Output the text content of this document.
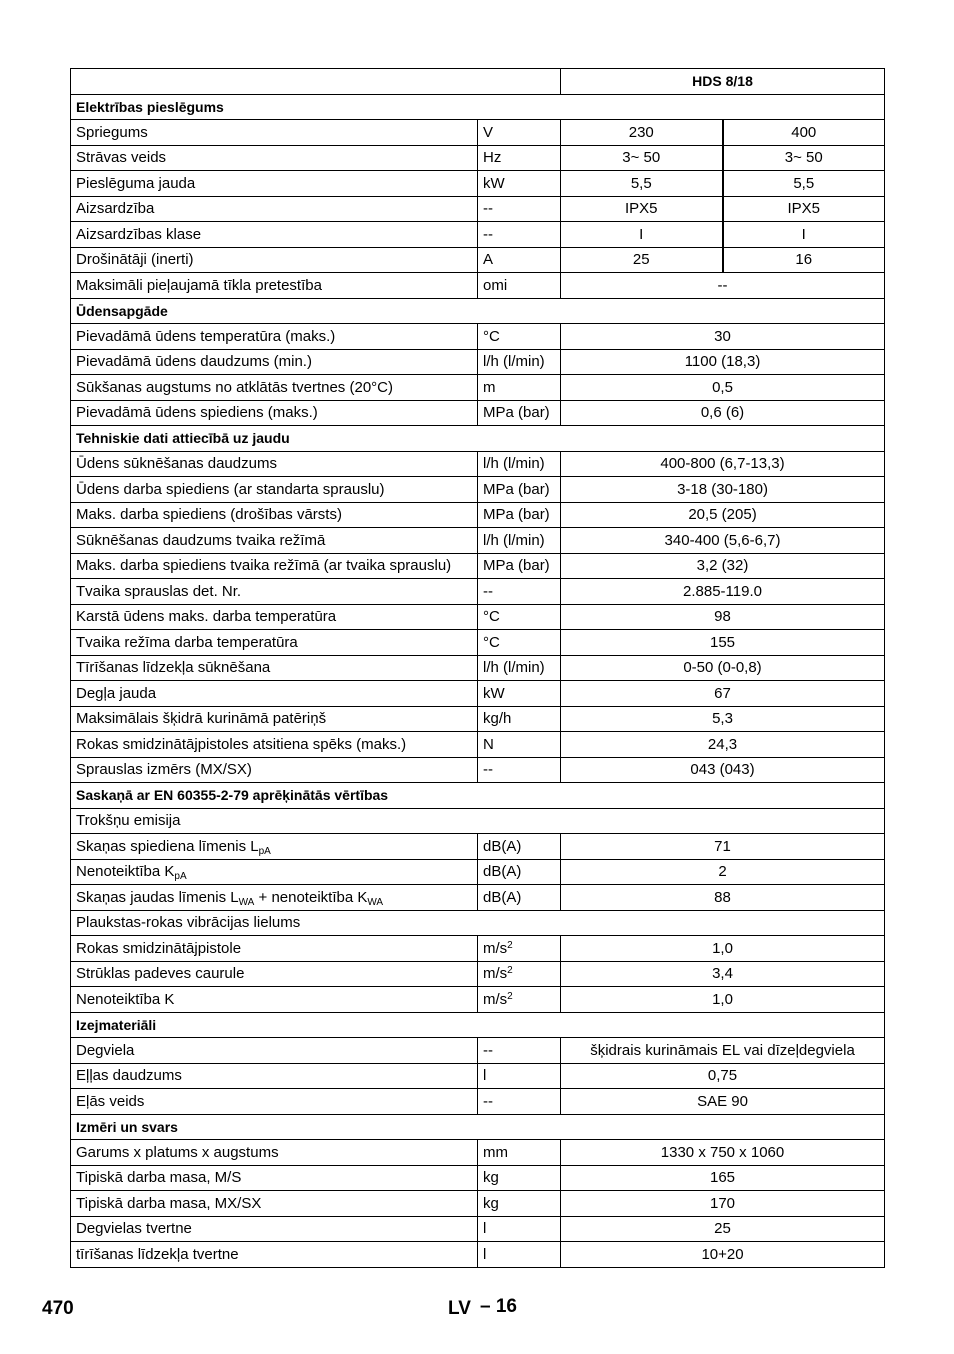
		HDS 8/18	
Elektrības pieslēgums			
Spriegums	V	230	400
Strāvas veids	Hz	3~ 50	3~ 50
Pieslēguma jauda	kW	5,5	5,5
Aizsardzība	--	IPX5	IPX5
Aizsardzības klase	--	I	I
Drošinātāji (inerti)	A	25	16
Maksimāli pieļaujamā tīkla pretestība	omi	--	
Ūdensapgāde			
Pievadāmā ūdens temperatūra (maks.)	°C	30	
Pievadāmā ūdens daudzums (min.)	l/h (l/min)	1100 (18,3)	
Sūkšanas augstums no atklātās tvertnes (20°C)	m	0,5	
Pievadāmā ūdens spiediens (maks.)	MPa (bar)	0,6 (6)	
Tehniskie dati attiecībā uz jaudu			
Ūdens sūknēšanas daudzums	l/h (l/min)	400-800 (6,7-13,3)	
Ūdens darba spiediens (ar standarta sprauslu)	MPa (bar)	3-18 (30-180)	
Maks. darba spiediens (drošības vārsts)	MPa (bar)	20,5 (205)	
Sūknēšanas daudzums tvaika režīmā	l/h (l/min)	340-400 (5,6-6,7)	
Maks. darba spiediens tvaika režīmā (ar tvaika sprauslu)	MPa (bar)	3,2 (32)	
Tvaika sprauslas det. Nr.	--	2.885-119.0	
Karstā ūdens maks. darba temperatūra	°C	98	
Tvaika režīma darba temperatūra	°C	155	
Tīrīšanas līdzekļa sūknēšana	l/h (l/min)	0-50 (0-0,8)	
Degļa jauda	kW	67	
Maksimālais šķidrā kurināmā patēriņš	kg/h	5,3	
Rokas smidzinātājpistoles atsitiena spēks (maks.)	N	24,3	
Sprauslas izmērs (MX/SX)	--	043 (043)	
Saskaņā ar EN 60355-2-79 aprēķinātās vērtības			
Trokšņu emisija			
Skaņas spiediena līmenis $L_{pA}$	dB(A)	71	
Nenoteiktība $K_{pA}$	dB(A)	2	
Skaņas jaudas līmenis $L_{WA}$ + nenoteiktība $K_{WA}$	dB(A)	88	
Plaukstas-rokas vibrācijas lielums			
Rokas smidzinātājpistole	$m/s^2$	1,0	
Strūklas padeves caurule	$m/s^2$	3,4	
Nenoteiktība K	$m/s^2$	1,0	
Izejmateriāli			
Degviela	--	šķidrais kurināmais EL vai dīzeļdegviela	
Eļļas daudzums	l	0,75	
Eļās veids	--	SAE 90	
Izmēri un svars			
Garums x platums x augstums	mm	1330 x 750 x 1060	
Tipiskā darba masa, M/S	kg	165	
Tipiskā darba masa, MX/SX	kg	170	
Degvielas tvertne	l	25	
tīrīšanas līdzekļa tvertne	l	10+20	
470	LV – 16
